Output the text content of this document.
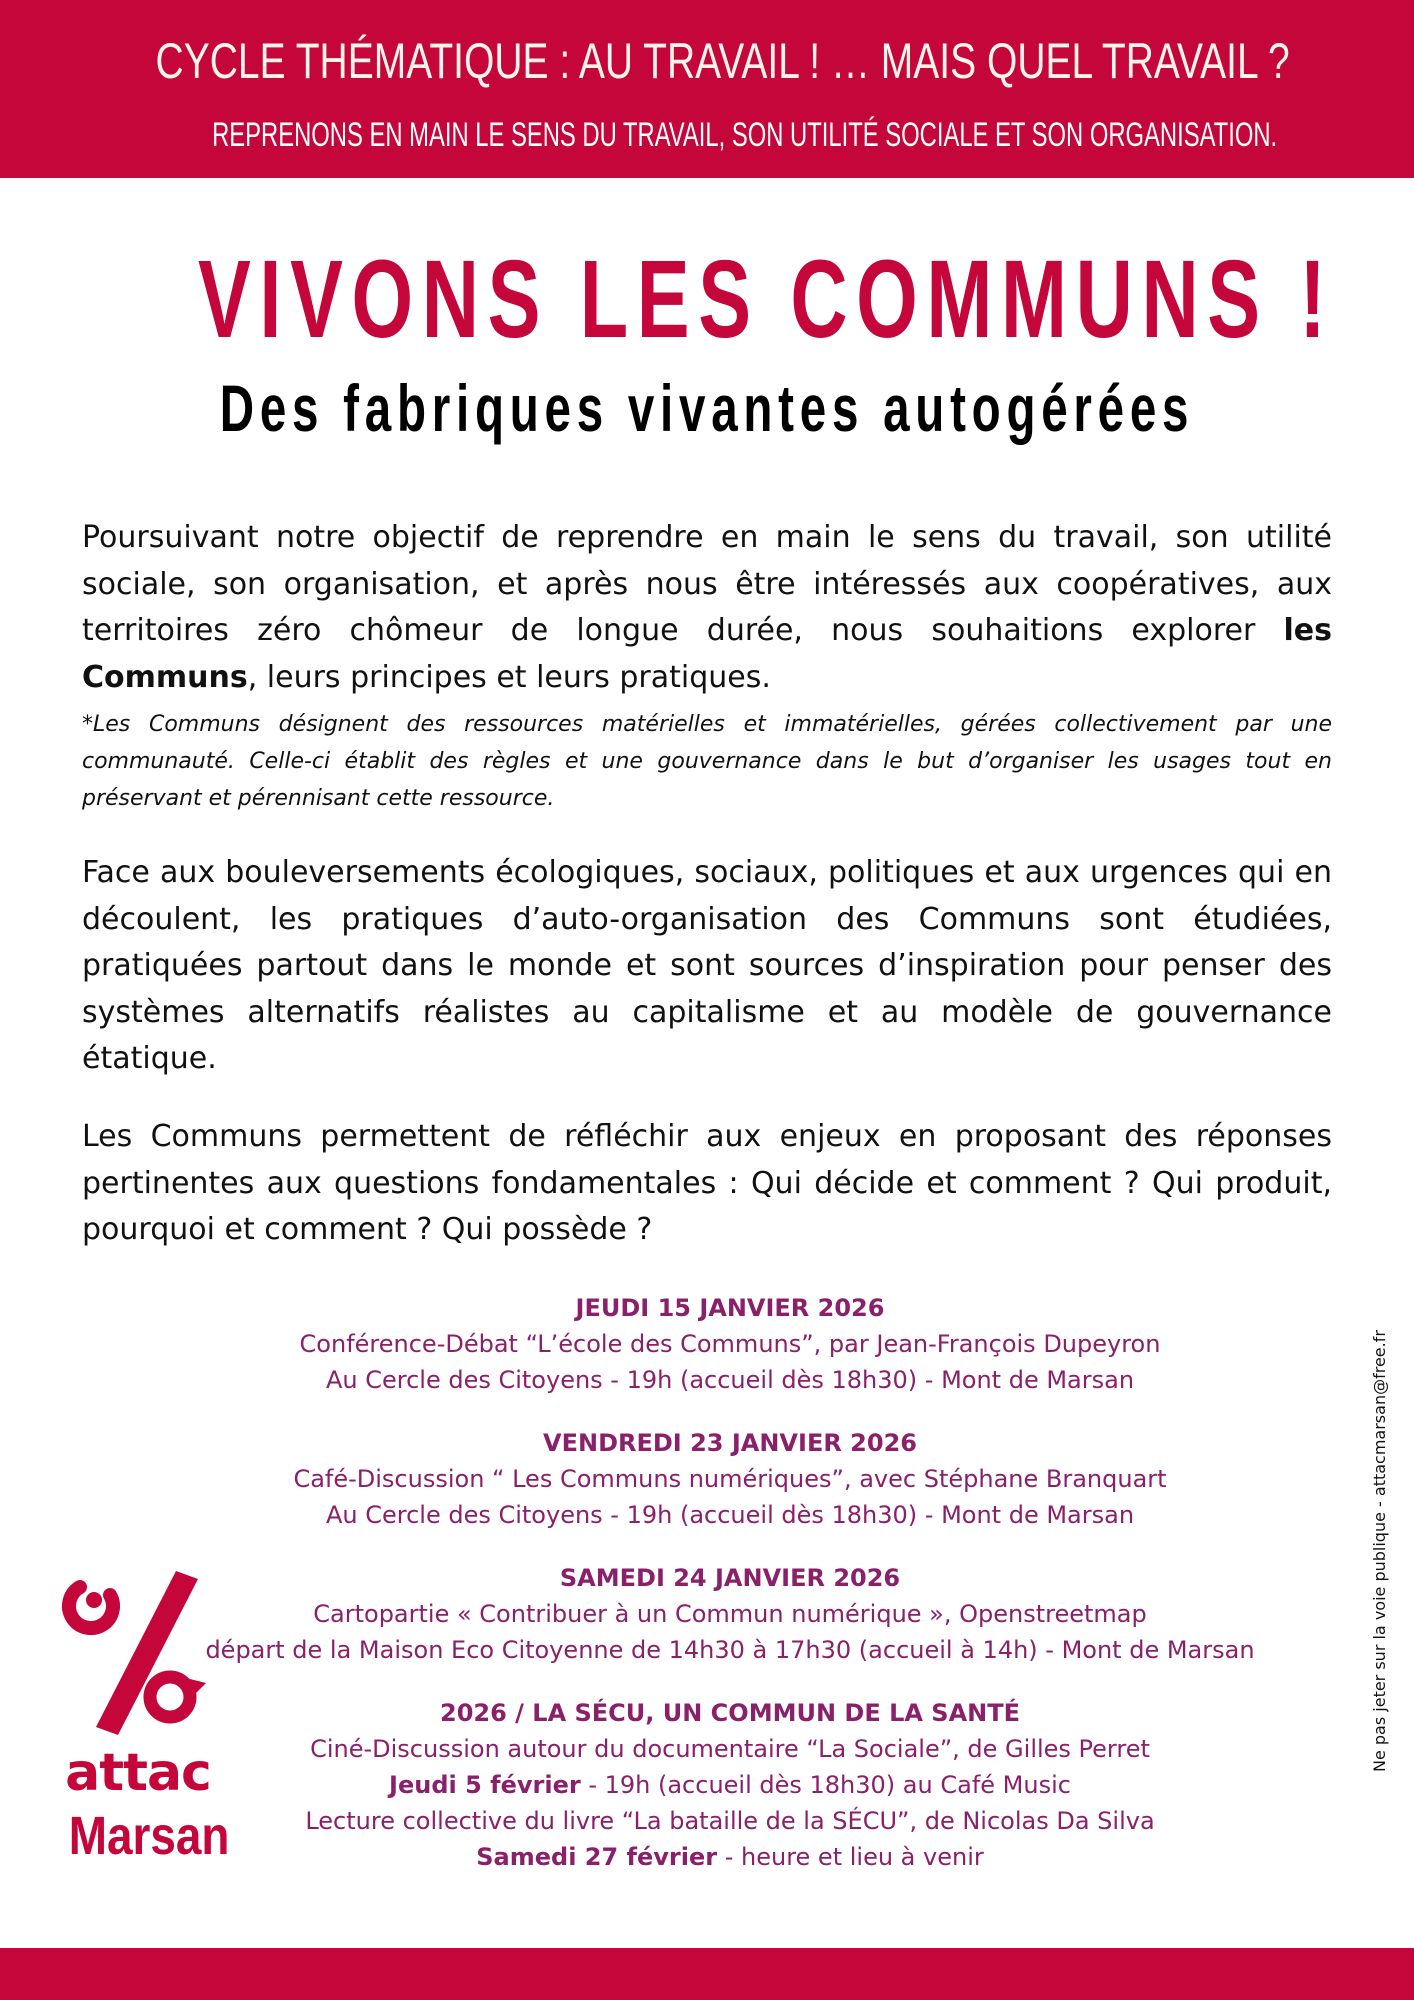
CYCLE THÉMATIQUE : AU TRAVAIL ! … MAIS QUEL TRAVAIL ?
REPRENONS EN MAIN LE SENS DU TRAVAIL, SON UTILITÉ SOCIALE ET SON ORGANISATION.
VIVONS LES COMMUNS !
Des fabriques vivantes autogérées
Poursuivant notre objectif de reprendre en main le sens du travail, son utilité sociale, son organisation, et après nous être intéressés aux coopératives, aux territoires zéro chômeur de longue durée, nous souhaitions explorer les Communs, leurs principes et leurs pratiques.
*Les Communs désignent des ressources matérielles et immatérielles, gérées collectivement par une communauté. Celle-ci établit des règles et une gouvernance dans le but d’organiser les usages tout en préservant et pérennisant cette ressource.
Face aux bouleversements écologiques, sociaux, politiques et aux urgences qui en découlent, les pratiques d’auto-organisation des Communs sont étudiées, pratiquées partout dans le monde et sont sources d’inspiration pour penser des systèmes alternatifs réalistes au capitalisme et au modèle de gouvernance étatique.
Les Communs permettent de réfléchir aux enjeux en proposant des réponses pertinentes aux questions fondamentales : Qui décide et comment ? Qui produit, pourquoi et comment ? Qui possède ?
JEUDI 15 JANVIER 2026
Conférence-Débat “L’école des Communs”, par Jean-François Dupeyron
Au Cercle des Citoyens - 19h (accueil dès 18h30) - Mont de Marsan
VENDREDI 23 JANVIER 2026
Café-Discussion “ Les Communs numériques”, avec Stéphane Branquart
Au Cercle des Citoyens - 19h (accueil dès 18h30) - Mont de Marsan
SAMEDI 24 JANVIER 2026
Cartopartie « Contribuer à un Commun numérique », Openstreetmap
départ de la Maison Eco Citoyenne de 14h30 à 17h30 (accueil à 14h) - Mont de Marsan
2026 / LA SÉCU, UN COMMUN DE LA SANTÉ
Ciné-Discussion autour du documentaire “La Sociale”, de Gilles Perret
Jeudi 5 février - 19h (accueil dès 18h30) au Café Music
Lecture collective du livre “La bataille de la SÉCU”, de Nicolas Da Silva
Samedi 27 février - heure et lieu à venir
attac
Marsan
Ne pas jeter sur la voie publique - attacmarsan@free.fr
